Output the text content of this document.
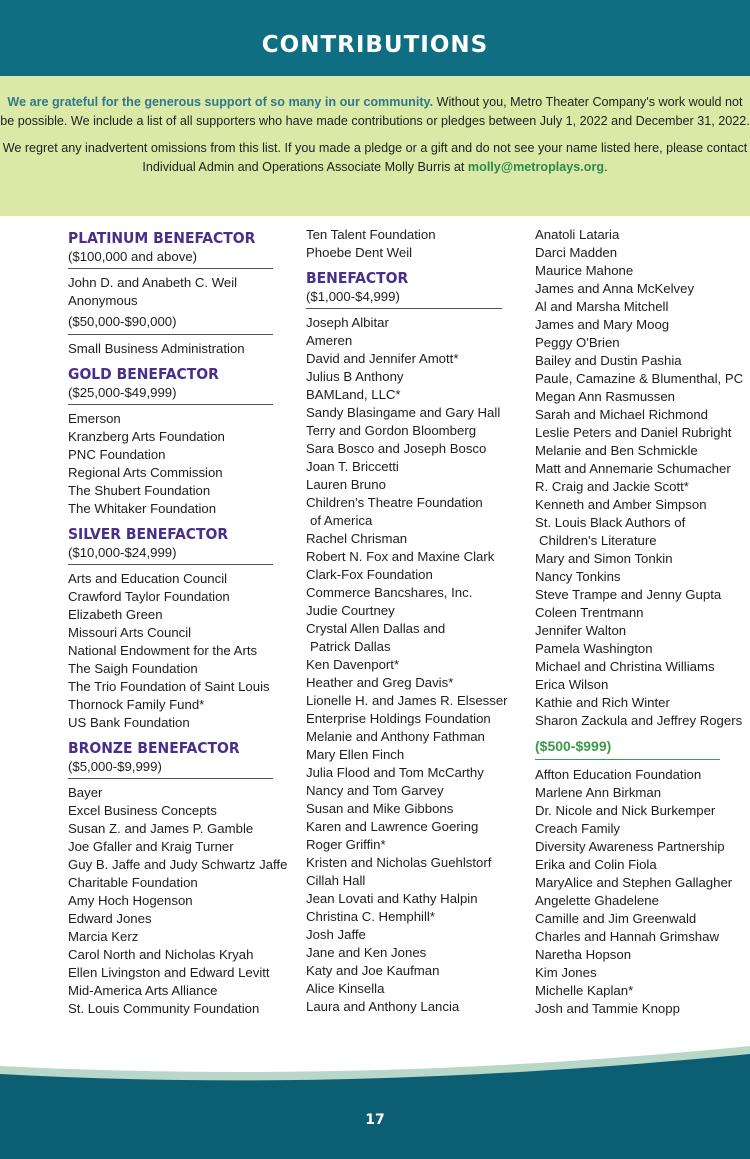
CONTRIBUTIONS

We are grateful for the generous support of so many in our community. Without you, Metro Theater Company's work would not be possible. We include a list of all supporters who have made contributions or pledges between July 1, 2022 and December 31, 2022.

We regret any inadvertent omissions from this list. If you made a pledge or a gift and do not see your name listed here, please contact Individual Admin and Operations Associate Molly Burris at molly@metroplays.org.

PLATINUM BENEFACTOR
($100,000 and above)
John D. and Anabeth C. Weil
Anonymous
($50,000-$90,000)
Small Business Administration
GOLD BENEFACTOR
($25,000-$49,999)
Emerson
Kranzberg Arts Foundation
PNC Foundation
Regional Arts Commission
The Shubert Foundation
The Whitaker Foundation
SILVER BENEFACTOR
($10,000-$24,999)
Arts and Education Council
Crawford Taylor Foundation
Elizabeth Green
Missouri Arts Council
National Endowment for the Arts
The Saigh Foundation
The Trio Foundation of Saint Louis
Thornock Family Fund*
US Bank Foundation
BRONZE BENEFACTOR
($5,000-$9,999)
Bayer
Excel Business Concepts
Susan Z. and James P. Gamble
Joe Gfaller and Kraig Turner
Guy B. Jaffe and Judy Schwartz Jaffe
Charitable Foundation
Amy Hoch Hogenson
Edward Jones
Marcia Kerz
Carol North and Nicholas Kryah
Ellen Livingston and Edward Levitt
Mid-America Arts Alliance
St. Louis Community Foundation
Ten Talent Foundation
Phoebe Dent Weil
BENEFACTOR
($1,000-$4,999)
Joseph Albitar
Ameren
David and Jennifer Amott*
Julius B Anthony
BAMLand, LLC*
Sandy Blasingame and Gary Hall
Terry and Gordon Bloomberg
Sara Bosco and Joseph Bosco
Joan T. Briccetti
Lauren Bruno
Children's Theatre Foundation
of America
Rachel Chrisman
Robert N. Fox and Maxine Clark
Clark-Fox Foundation
Commerce Bancshares, Inc.
Judie Courtney
Crystal Allen Dallas and
Patrick Dallas
Ken Davenport*
Heather and Greg Davis*
Lionelle H. and James R. Elsesser
Enterprise Holdings Foundation
Melanie and Anthony Fathman
Mary Ellen Finch
Julia Flood and Tom McCarthy
Nancy and Tom Garvey
Susan and Mike Gibbons
Karen and Lawrence Goering
Roger Griffin*
Kristen and Nicholas Guehlstorf
Cillah Hall
Jean Lovati and Kathy Halpin
Christina C. Hemphill*
Josh Jaffe
Jane and Ken Jones
Katy and Joe Kaufman
Alice Kinsella
Laura and Anthony Lancia
Anatoli Lataria
Darci Madden
Maurice Mahone
James and Anna McKelvey
Al and Marsha Mitchell
James and Mary Moog
Peggy O'Brien
Bailey and Dustin Pashia
Paule, Camazine & Blumenthal, PC
Megan Ann Rasmussen
Sarah and Michael Richmond
Leslie Peters and Daniel Rubright
Melanie and Ben Schmickle
Matt and Annemarie Schumacher
R. Craig and Jackie Scott*
Kenneth and Amber Simpson
St. Louis Black Authors of
Children's Literature
Mary and Simon Tonkin
Nancy Tonkins
Steve Trampe and Jenny Gupta
Coleen Trentmann
Jennifer Walton
Pamela Washington
Michael and Christina Williams
Erica Wilson
Kathie and Rich Winter
Sharon Zackula and Jeffrey Rogers
($500-$999)
Affton Education Foundation
Marlene Ann Birkman
Dr. Nicole and Nick Burkemper
Creach Family
Diversity Awareness Partnership
Erika and Colin Fiola
MaryAlice and Stephen Gallagher
Angelette Ghadelene
Camille and Jim Greenwald
Charles and Hannah Grimshaw
Naretha Hopson
Kim Jones
Michelle Kaplan*
Josh and Tammie Knopp
17
